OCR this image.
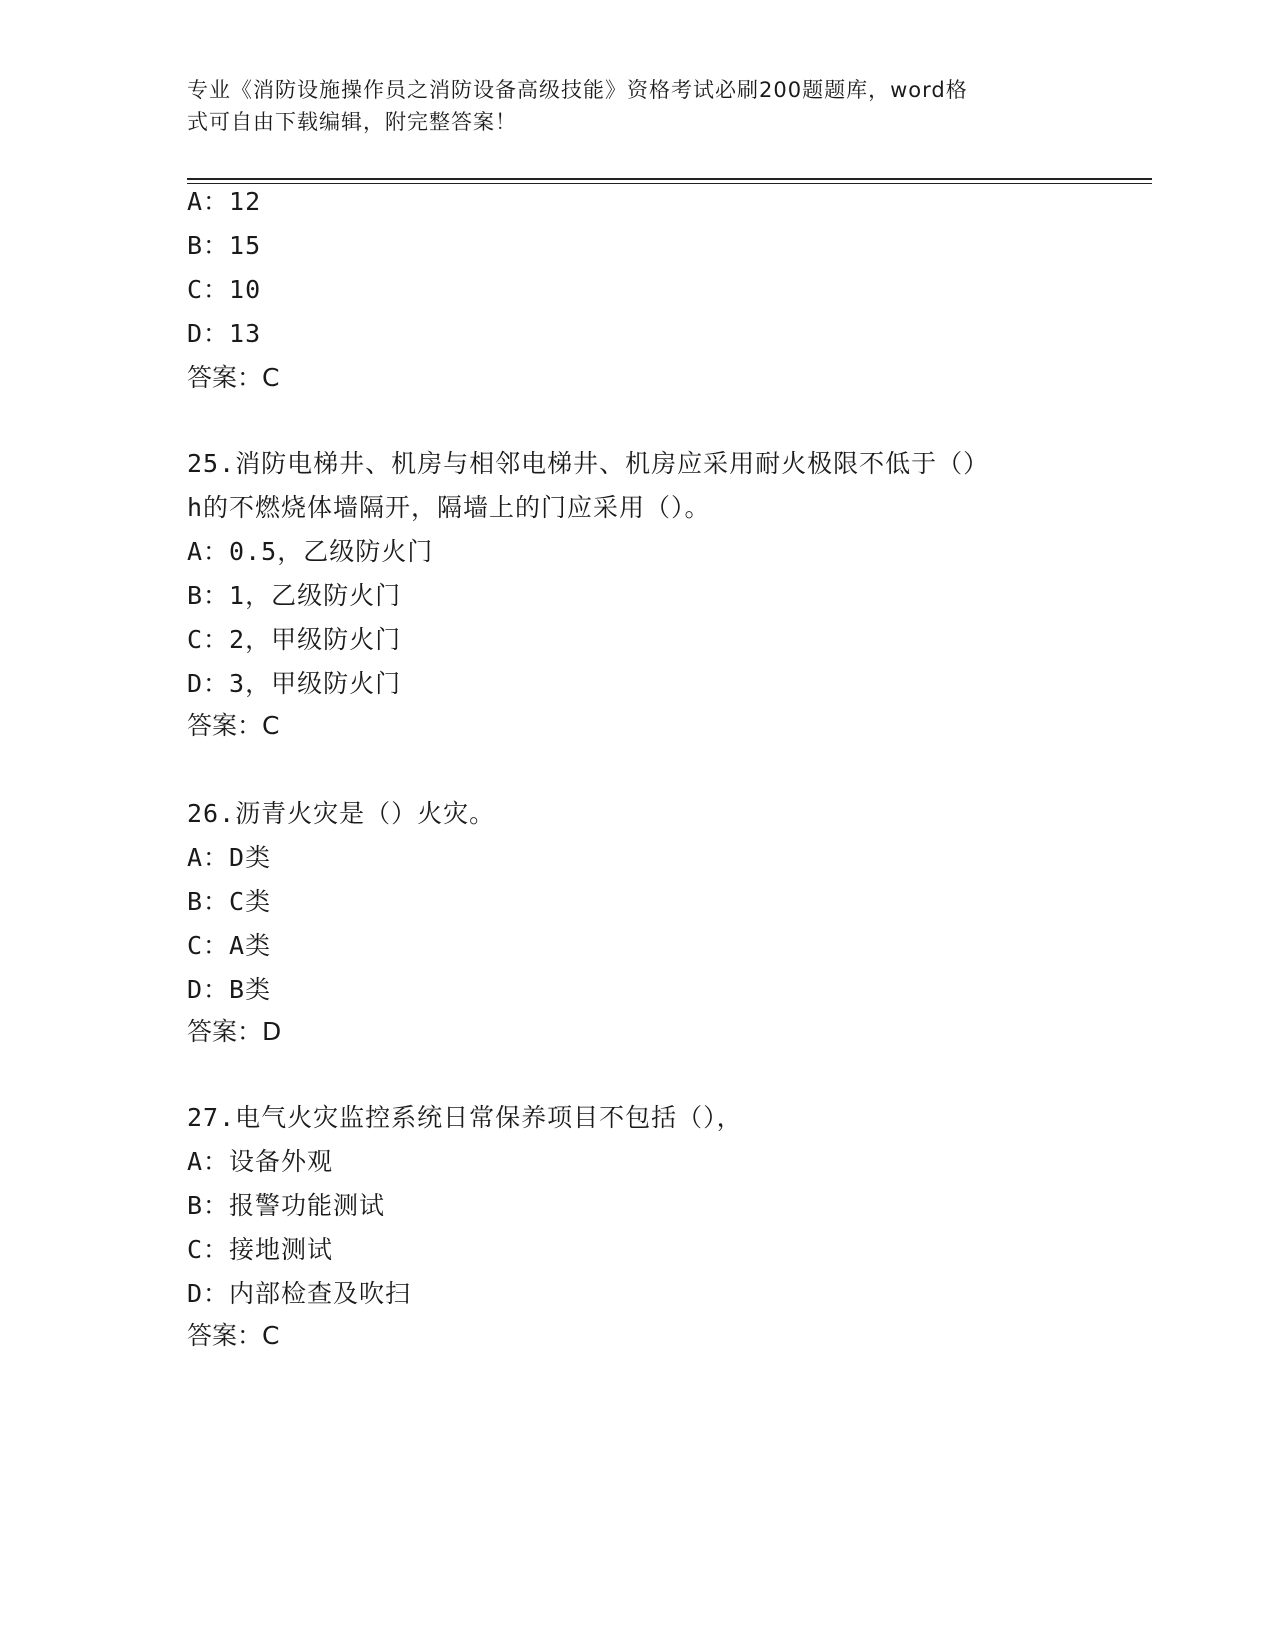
专业《消防设施操作员之消防设备高级技能》资格考试必刷200题题库，word格
式可自由下载编辑，附完整答案！
A：12
B：15
C：10
D：13
答案：C
25.消防电梯井、机房与相邻电梯井、机房应采用耐火极限不低于（）
h的不燃烧体墙隔开，隔墙上的门应采用（）。
A：0.5，乙级防火门
B：1，乙级防火门
C：2，甲级防火门
D：3，甲级防火门
答案：C
26.沥青火灾是（）火灾。
A：D类
B：C类
C：A类
D：B类
答案：D
27.电气火灾监控系统日常保养项目不包括（），
A：设备外观
B：报警功能测试
C：接地测试
D：内部检查及吹扫
答案：C
